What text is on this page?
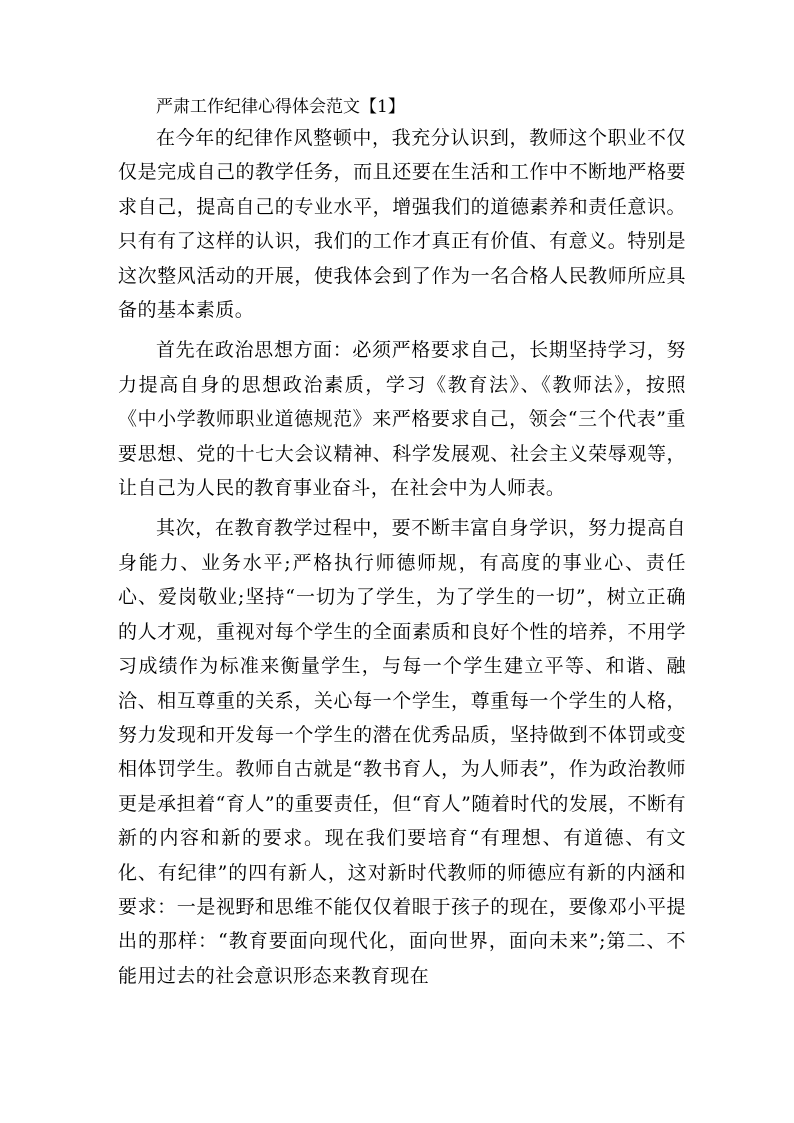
严肃工作纪律心得体会范文【1】

在今年的纪律作风整顿中，我充分认识到，教师这个职业不仅仅是完成自己的教学任务，而且还要在生活和工作中不断地严格要求自己，提高自己的专业水平，增强我们的道德素养和责任意识。只有有了这样的认识，我们的工作才真正有价值、有意义。特别是这次整风活动的开展，使我体会到了作为一名合格人民教师所应具备的基本素质。

首先在政治思想方面：必须严格要求自己，长期坚持学习，努力提高自身的思想政治素质，学习《教育法》、《教师法》，按照《中小学教师职业道德规范》来严格要求自己，领会“三个代表”重要思想、党的十七大会议精神、科学发展观、社会主义荣辱观等，让自己为人民的教育事业奋斗，在社会中为人师表。

其次，在教育教学过程中，要不断丰富自身学识，努力提高自身能力、业务水平;严格执行师德师规，有高度的事业心、责任心、爱岗敬业;坚持“一切为了学生，为了学生的一切”，树立正确的人才观，重视对每个学生的全面素质和良好个性的培养，不用学习成绩作为标准来衡量学生，与每一个学生建立平等、和谐、融洽、相互尊重的关系，关心每一个学生，尊重每一个学生的人格，努力发现和开发每一个学生的潜在优秀品质，坚持做到不体罚或变相体罚学生。教师自古就是“教书育人，为人师表”，作为政治教师更是承担着“育人”的重要责任，但“育人”随着时代的发展，不断有新的内容和新的要求。现在我们要培育“有理想、有道德、有文化、有纪律”的四有新人，这对新时代教师的师德应有新的内涵和要求：一是视野和思维不能仅仅着眼于孩子的现在，要像邓小平提出的那样：“教育要面向现代化，面向世界，面向未来”;第二、不能用过去的社会意识形态来教育现在
